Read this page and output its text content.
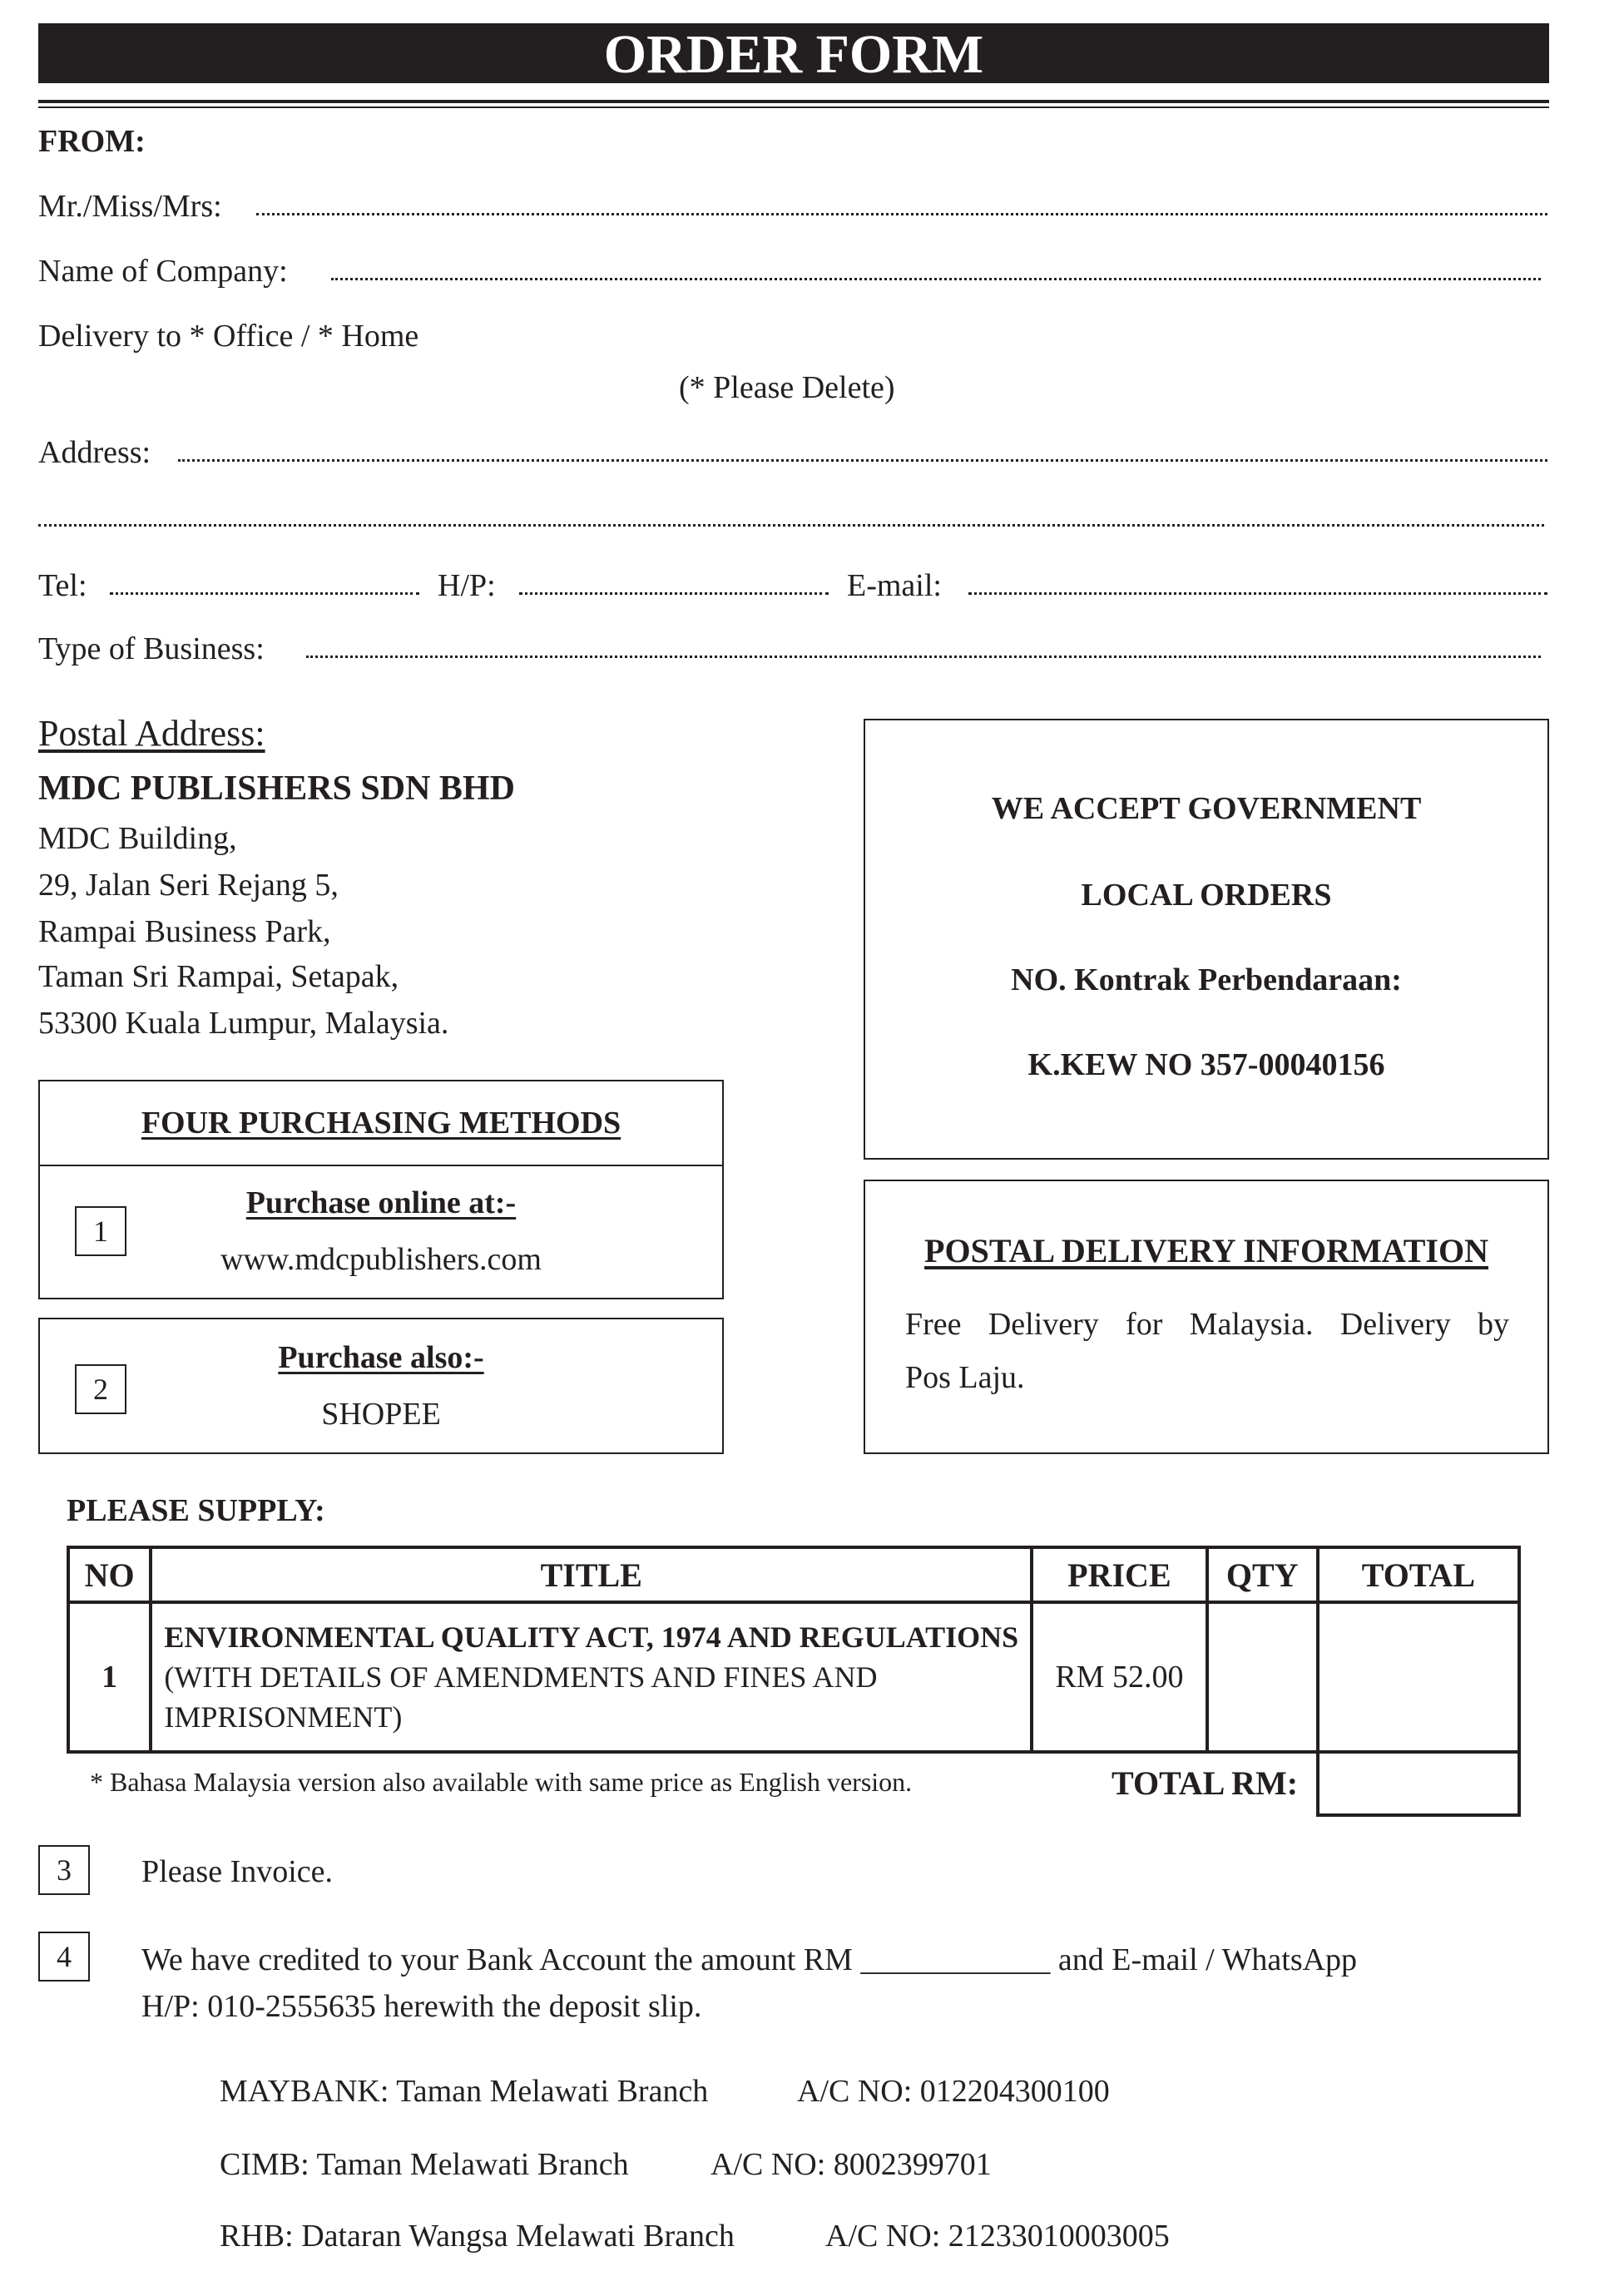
ORDER FORM
FROM:
Mr./Miss/Mrs:
Name of Company:
Delivery to * Office / * Home
(* Please Delete)
Address:
Tel:	H/P:	E-mail:
Type of Business:
Postal Address:
MDC PUBLISHERS SDN BHD
MDC Building,
29, Jalan Seri Rejang 5,
Rampai Business Park,
Taman Sri Rampai, Setapak,
53300 Kuala Lumpur, Malaysia.
WE ACCEPT GOVERNMENT
LOCAL ORDERS
NO. Kontrak Perbendaraan:
K.KEW NO 357-00040156
FOUR PURCHASING METHODS
1
Purchase online at:-
www.mdcpublishers.com
2
Purchase also:-
SHOPEE
POSTAL DELIVERY INFORMATION
Free Delivery for Malaysia. Delivery by
Pos Laju.
PLEASE SUPPLY:
NO	TITLE	PRICE	QTY	TOTAL
1	ENVIRONMENTAL QUALITY ACT, 1974 AND REGULATIONS
(WITH DETAILS OF AMENDMENTS AND FINES AND
IMPRISONMENT)	RM 52.00		
* Bahasa Malaysia version also available with same price as English version.	TOTAL RM:
3	Please Invoice.
4	We have credited to your Bank Account the amount RM ____________ and E-mail / WhatsApp
H/P: 010-2555635 herewith the deposit slip.
MAYBANK: Taman Melawati Branch	A/C NO: 012204300100
CIMB: Taman Melawati Branch	A/C NO: 8002399701
RHB: Dataran Wangsa Melawati Branch	A/C NO: 21233010003005
